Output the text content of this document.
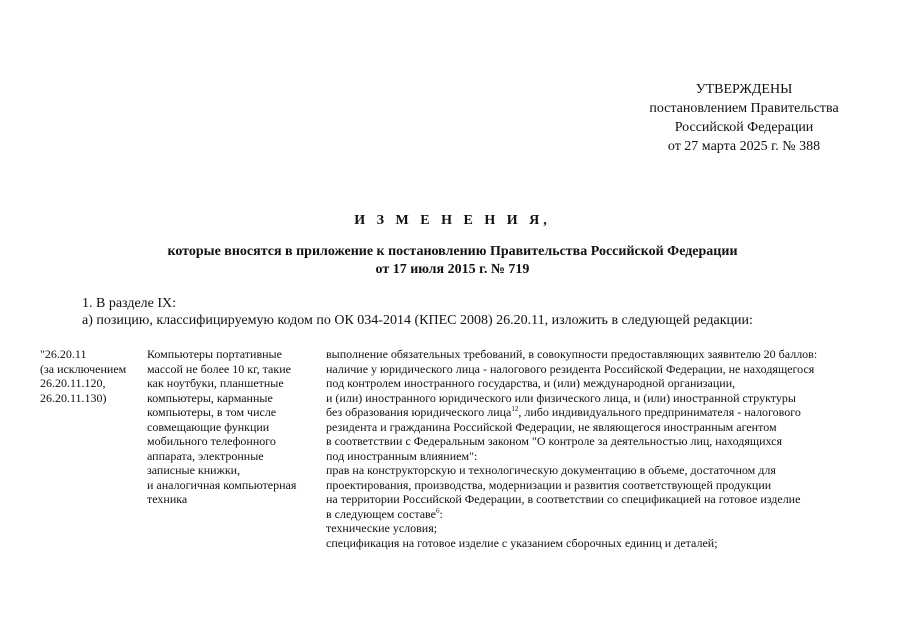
УТВЕРЖДЕНЫ
постановлением Правительства
Российской Федерации
от 27 марта 2025 г. № 388
И З М Е Н Е Н И Я,
которые вносятся в приложение к постановлению Правительства Российской Федерации
от 17 июля 2015 г. № 719
1. В разделе IX:
а) позицию, классифицируемую кодом по ОК 034-2014 (КПЕС 2008) 26.20.11, изложить в следующей редакции:
"26.20.11
(за исключением
26.20.11.120,
26.20.11.130)
Компьютеры портативные
массой не более 10 кг, такие
как ноутбуки, планшетные
компьютеры, карманные
компьютеры, в том числе
совмещающие функции
мобильного телефонного
аппарата, электронные
записные книжки,
и аналогичная компьютерная
техника
выполнение обязательных требований, в совокупности предоставляющих заявителю 20 баллов:
наличие у юридического лица - налогового резидента Российской Федерации, не находящегося
под контролем иностранного государства, и (или) международной организации,
и (или) иностранного юридического или физического лица, и (или) иностранной структуры
без образования юридического лица$^{12}$, либо индивидуального предпринимателя - налогового
резидента и гражданина Российской Федерации, не являющегося иностранным агентом
в соответствии с Федеральным законом "О контроле за деятельностью лиц, находящихся
под иностранным влиянием":
прав на конструкторскую и технологическую документацию в объеме, достаточном для
проектирования, производства, модернизации и развития соответствующей продукции
на территории Российской Федерации, в соответствии со спецификацией на готовое изделие
в следующем составе$^6$:
технические условия;
спецификация на готовое изделие с указанием сборочных единиц и деталей;
